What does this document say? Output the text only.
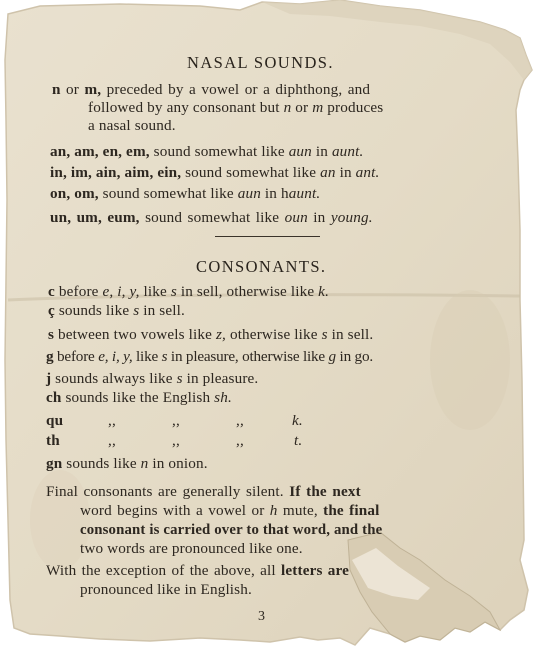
NASAL SOUNDS.
n or m, preceded by a vowel or a diphthong, and
followed by any consonant but n or m produces
a nasal sound.
an, am, en, em, sound somewhat like aun in aunt.
in, im, ain, aim, ein, sound somewhat like an in ant.
on, om, sound somewhat like aun in haunt.
un, um, eum, sound somewhat like oun in young.
CONSONANTS.
c before e, i, y, like s in sell, otherwise like k.
ç sounds like s in sell.
s between two vowels like z, otherwise like s in sell.
g before e, i, y, like s in pleasure, otherwise like g in go.
j sounds always like s in pleasure.
ch sounds like the English sh.
qu	,,	,,	,,	k.
th	,,	,,	,,	t.
gn sounds like n in onion.
Final consonants are generally silent. If the next
word begins with a vowel or h mute, the final
consonant is carried over to that word, and the
two words are pronounced like one.
With the exception of the above, all letters are
pronounced like in English.
3
